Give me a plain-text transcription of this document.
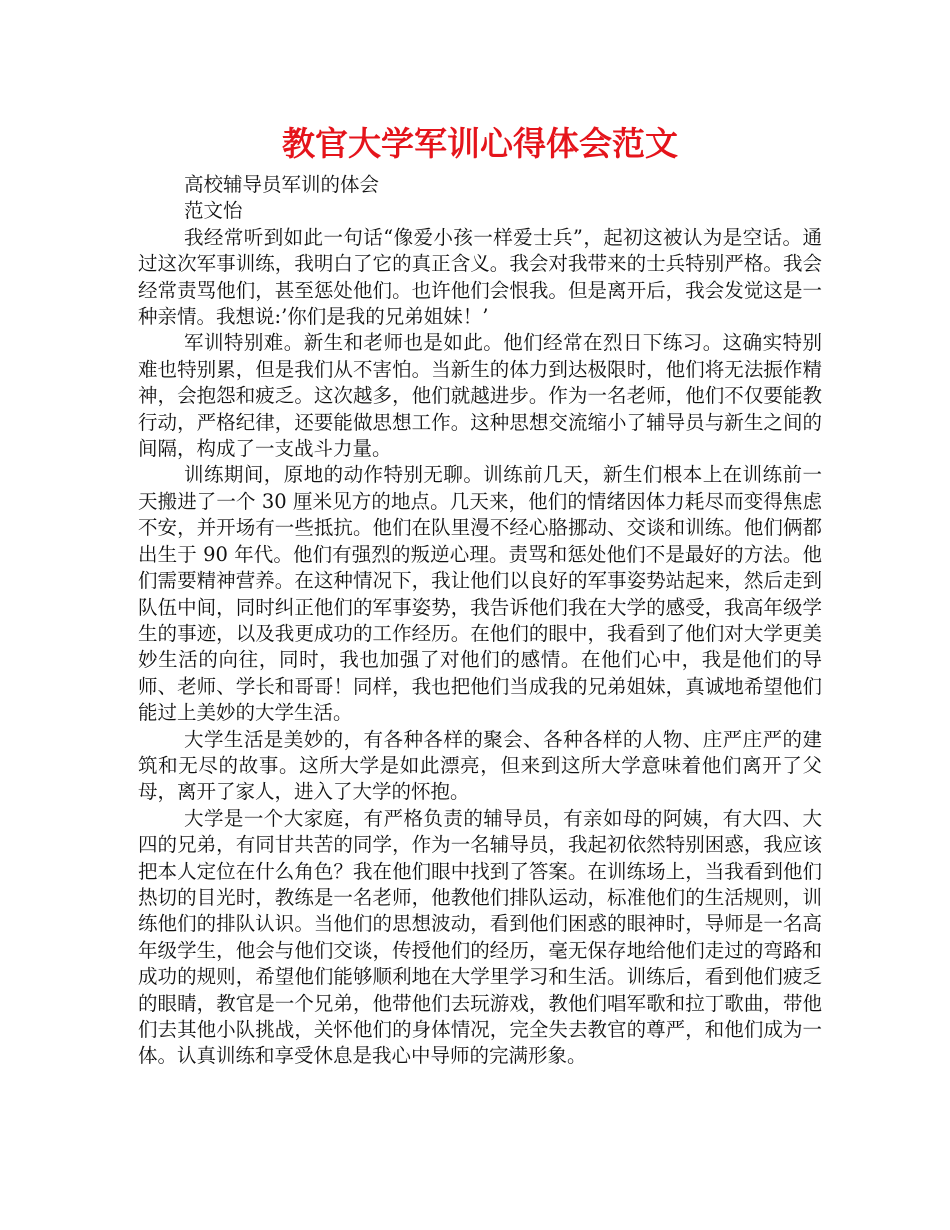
教官大学军训心得体会范文

高校辅导员军训的体会

范文怡

我经常听到如此一句话“像爱小孩一样爱士兵”，起初这被认为是空话。通过这次军事训练，我明白了它的真正含义。我会对我带来的士兵特别严格。我会经常责骂他们，甚至惩处他们。也许他们会恨我。但是离开后，我会发觉这是一种亲情。我想说:’你们是我的兄弟姐妹！’

军训特别难。新生和老师也是如此。他们经常在烈日下练习。这确实特别难也特别累，但是我们从不害怕。当新生的体力到达极限时，他们将无法振作精神，会抱怨和疲乏。这次越多，他们就越进步。作为一名老师，他们不仅要能教行动，严格纪律，还要能做思想工作。这种思想交流缩小了辅导员与新生之间的间隔，构成了一支战斗力量。

训练期间，原地的动作特别无聊。训练前几天，新生们根本上在训练前一天搬进了一个 30 厘米见方的地点。几天来，他们的情绪因体力耗尽而变得焦虑不安，并开场有一些抵抗。他们在队里漫不经心胳挪动、交谈和训练。他们俩都出生于 90 年代。他们有强烈的叛逆心理。责骂和惩处他们不是最好的方法。他们需要精神营养。在这种情况下，我让他们以良好的军事姿势站起来，然后走到队伍中间，同时纠正他们的军事姿势，我告诉他们我在大学的感受，我高年级学生的事迹，以及我更成功的工作经历。在他们的眼中，我看到了他们对大学更美妙生活的向往，同时，我也加强了对他们的感情。在他们心中，我是他们的导师、老师、学长和哥哥！同样，我也把他们当成我的兄弟姐妹，真诚地希望他们能过上美妙的大学生活。

大学生活是美妙的，有各种各样的聚会、各种各样的人物、庄严庄严的建筑和无尽的故事。这所大学是如此漂亮，但来到这所大学意味着他们离开了父母，离开了家人，进入了大学的怀抱。

大学是一个大家庭，有严格负责的辅导员，有亲如母的阿姨，有大四、大四的兄弟，有同甘共苦的同学，作为一名辅导员，我起初依然特别困惑，我应该把本人定位在什么角色？我在他们眼中找到了答案。在训练场上，当我看到他们热切的目光时，教练是一名老师，他教他们排队运动，标准他们的生活规则，训练他们的排队认识。当他们的思想波动，看到他们困惑的眼神时，导师是一名高年级学生，他会与他们交谈，传授他们的经历，毫无保存地给他们走过的弯路和成功的规则，希望他们能够顺利地在大学里学习和生活。训练后，看到他们疲乏的眼睛，教官是一个兄弟，他带他们去玩游戏，教他们唱军歌和拉丁歌曲，带他们去其他小队挑战，关怀他们的身体情况，完全失去教官的尊严，和他们成为一体。认真训练和享受休息是我心中导师的完满形象。
